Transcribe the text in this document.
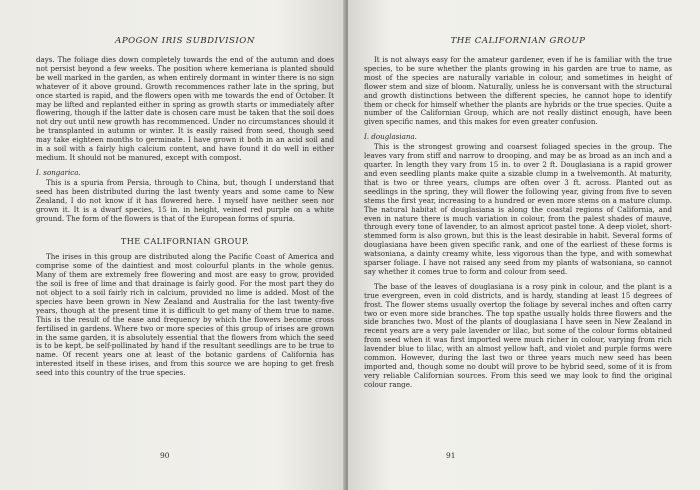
APOGON IRIS SUBDIVISION

days. The foliage dies down completely towards the end of the autumn and does not persist beyond a few weeks. The position where kemeriana is planted should be well marked in the garden, as when entirely dormant in winter there is no sign whatever of it above ground. Growth recommences rather late in the spring, but once started is rapid, and the flowers open with me towards the end of October. It may be lifted and replanted either in spring as growth starts or immediately after flowering, though if the latter date is chosen care must be taken that the soil does not dry out until new growth has recommenced. Under no circumstances should it be transplanted in autumn or winter. It is easily raised from seed, though seed may take eighteen months to germinate. I have grown it both in an acid soil and in a soil with a fairly high calcium content, and have found it do well in either medium. It should not be manured, except with compost.

I. songarica.

This is a spuria from Persia, through to China, but, though I understand that seed has been distributed during the last twenty years and some came to New Zealand, I do not know if it has flowered here. I myself have neither seen nor grown it. It is a dwarf species, 15 in. in height, veined red purple on a white ground. The form of the flowers is that of the European forms of spuria.

THE CALIFORNIAN GROUP.

The irises in this group are distributed along the Pacific Coast of America and comprise some of the daintiest and most colourful plants in the whole genus. Many of them are extremely free flowering and most are easy to grow, provided the soil is free of lime and that drainage is fairly good. For the most part they do not object to a soil fairly rich in calcium, provided no lime is added. Most of the species have been grown in New Zealand and Australia for the last twenty-five years, though at the present time it is difficult to get many of them true to name. This is the result of the ease and frequency by which the flowers become cross fertilised in gardens. Where two or more species of this group of irises are grown in the same garden, it is absolutely essential that the flowers from which the seed is to be kept, be self-pollinated by hand if the resultant seedlings are to be true to name. Of recent years one at least of the botanic gardens of California has interested itself in these irises, and from this source we are hoping to get fresh seed into this country of the true species.

90
THE CALIFORNIAN GROUP

It is not always easy for the amateur gardener, even if he is familiar with the true species, to be sure whether the plants growing in his garden are true to name, as most of the species are naturally variable in colour, and sometimes in height of flower stem and size of bloom. Naturally, unless he is conversant with the structural and growth distinctions between the different species, he cannot hope to identify them or check for himself whether the plants are hybrids or the true species. Quite a number of the Californian Group, which are not really distinct enough, have been given specific names, and this makes for even greater confusion.

I. douglasiana.

This is the strongest growing and coarsest foliaged species in the group. The leaves vary from stiff and narrow to drooping, and may be as broad as an inch and a quarter. In length they vary from 15 in. to over 2 ft. Douglasiana is a rapid grower and even seedling plants make quite a sizable clump in a twelvemonth. At maturity, that is two or three years, clumps are often over 3 ft. across. Planted out as seedlings in the spring, they will flower the following year, giving from five to seven stems the first year, increasing to a hundred or even more stems on a mature clump. The natural habitat of douglasiana is along the coastal regions of California, and even in nature there is much variation in colour, from the palest shades of mauve, through every tone of lavender, to an almost apricot pastel tone. A deep violet, short-stemmed form is also grown, but this is the least desirable in habit. Several forms of douglasiana have been given specific rank, and one of the earliest of these forms is watsoniana, a dainty creamy white, less vigorous than the type, and with somewhat sparser foliage. I have not raised any seed from my plants of watsoniana, so cannot say whether it comes true to form and colour from seed.

The base of the leaves of douglasiana is a rosy pink in colour, and the plant is a true evergreen, even in cold districts, and is hardy, standing at least 15 degrees of frost. The flower stems usually overtop the foliage by several inches and often carry two or even more side branches. The top spathe usually holds three flowers and the side branches two. Most of the plants of douglasiana I have seen in New Zealand in recent years are a very pale lavender or lilac, but some of the colour forms obtained from seed when it was first imported were much richer in colour, varying from rich lavender blue to lilac, with an almost yellow haft, and violet and purple forms were common. However, during the last two or three years much new seed has been imported and, though some no doubt will prove to be hybrid seed, some of it is from very reliable Californian sources. From this seed we may look to find the original colour range.

91
